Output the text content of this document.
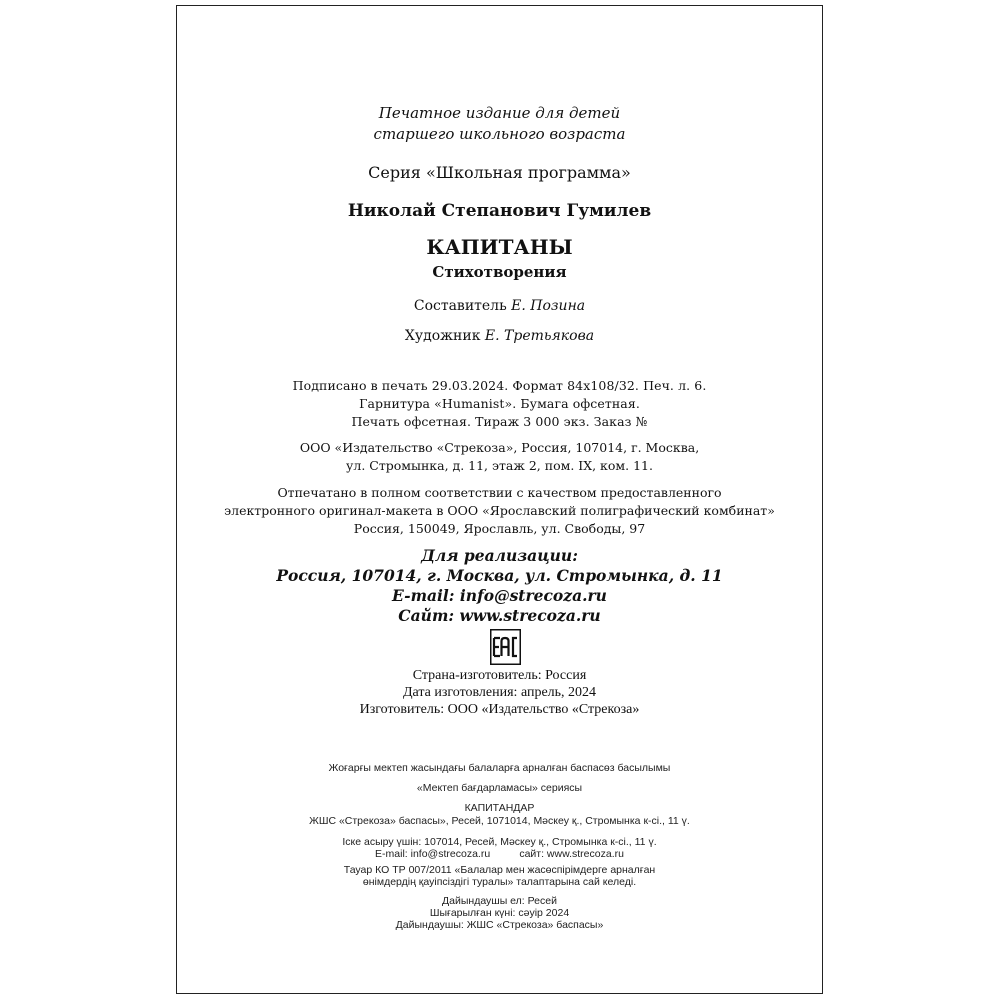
Печатное издание для детей
старшего школьного возраста
Серия «Школьная программа»
Николай Степанович Гумилев
КАПИТАНЫ
Стихотворения
Составитель Е. Позина
Художник Е. Третьякова
Подписано в печать 29.03.2024. Формат 84x108/32. Печ. л. 6.
Гарнитура «Humanist». Бумага офсетная.
Печать офсетная. Тираж 3 000 экз. Заказ №
ООО «Издательство «Стрекоза», Россия, 107014, г. Москва,
ул. Стромынка, д. 11, этаж 2, пом. IX, ком. 11.
Отпечатано в полном соответствии с качеством предоставленного
электронного оригинал-макета в ООО «Ярославский полиграфический комбинат»
Россия, 150049, Ярославль, ул. Свободы, 97
Для реализации:
Россия, 107014, г. Москва, ул. Стромынка, д. 11
E-mail: info@strecoza.ru
Сайт: www.strecoza.ru
Страна-изготовитель: Россия
Дата изготовления: апрель, 2024
Изготовитель: ООО «Издательство «Стрекоза»
Жоғарғы мектеп жасындағы балаларға арналған баспасөз басылымы
«Мектеп бағдарламасы» сериясы
КАПИТАНДАР
ЖШС «Стрекоза» баспасы», Ресей, 1071014, Мәскеу қ., Стромынка к-сі., 11 ү.
Іске асыру үшін: 107014, Ресей, Мәскеу қ., Стромынка к-сі., 11 ү.
E-mail: info@strecoza.ru          сайт: www.strecoza.ru
Тауар КО ТР 007/2011 «Балалар мен жасөспірімдерге арналған
өнімдердің қауіпсіздігі туралы» талаптарына сай келеді.
Дайындаушы ел: Ресей
Шығарылған күні: сәуір 2024
Дайындаушы: ЖШС «Стрекоза» баспасы»
